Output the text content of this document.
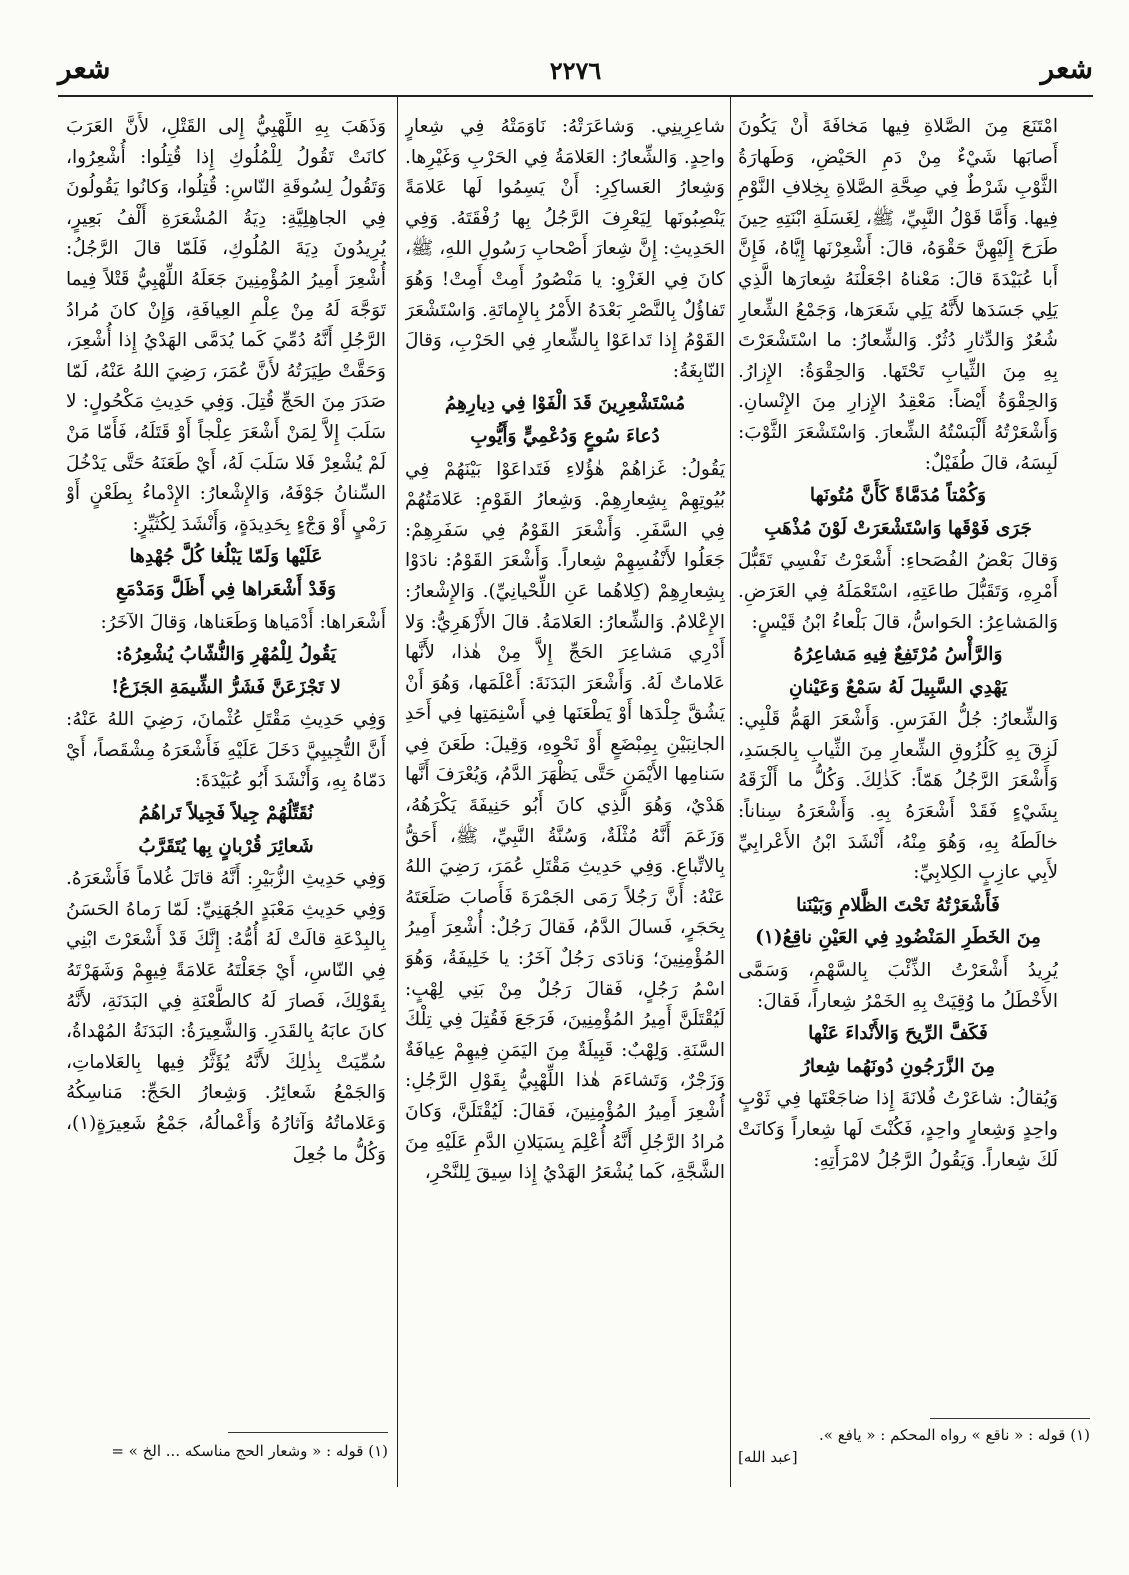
شعر
٢٢٧٦
شعر

امْتَنَعَ مِنَ الصَّلاةِ فِيها مَخافَةَ أَنْ يَكُونَ أَصابَها شَيْءٌ مِنْ دَمِ الحَيْضِ، وَطَهارَةُ الثَّوْبِ شَرْطٌ فِي صِحَّةِ الصَّلاةِ بِخِلافِ النَّوْمِ فِيها. وَأَمَّا قَوْلُ النَّبِيِّ، ﷺ، لِغَسَلَةِ ابْنَتِهِ حِينَ طَرَحَ إِلَيْهِنَّ حَقْوَهُ، قالَ: أَشْعِرْنَها إِيَّاهُ، فَإِنَّ أَبا عُبَيْدَةَ قالَ: مَعْناهُ اجْعَلْنَهُ شِعارَها الَّذِي يَلِي جَسَدَها لأَنَّهُ يَلِي شَعَرَها، وَجَمْعُ الشِّعارِ شُعُرٌ وَالدِّثارِ دُثُرٌ. وَالشِّعارُ: ما اسْتَشْعَرْتَ بِهِ مِنَ الثِّيابِ تَحْتَها. وَالحِقْوَةُ: الإِزارُ. وَالحِقْوَةُ أَيْضاً: مَعْقِدُ الإِزارِ مِنَ الإِنْسانِ. وَأَشْعَرْتُهُ أَلْبَسْتُهُ الشِّعارَ. وَاسْتَشْعَرَ الثَّوْبَ: لَبِسَهُ، قالَ طُفَيْلٌ:

وَكُمْتاً مُدَمَّاةً كَأَنَّ مُتُونَها

جَرَى فَوْقَها وَاسْتَشْعَرَتْ لَوْنَ مُذْهَبِ

وَقالَ بَعْضُ الفُصَحاءِ: أَشْعَرْتُ نَفْسِي تَقَبُّلَ أَمْرِهِ، وَتَقَبُّلَ طاعَتِهِ، اسْتَعْمَلَهُ فِي العَرَضِ. وَالمَشاعِرُ: الحَواسُّ، قالَ بَلْعاءُ ابْنُ قَيْسٍ:

وَالرَّأْسُ مُرْتَفِعٌ فِيهِ مَشاعِرُهُ

يَهْدِي السَّبِيلَ لَهُ سَمْعٌ وَعَيْنانِ

وَالشِّعارُ: جُلُّ الفَرَسِ. وَأَشْعَرَ الهَمُّ قَلْبِي: لَزِقَ بِهِ كَلُزُوقِ الشِّعارِ مِنَ الثِّيابِ بِالجَسَدِ، وَأَشْعَرَ الرَّجُلُ هَمّاً: كَذٰلِكَ. وَكُلُّ ما أَلْزَقَهُ بِشَيْءٍ فَقَدْ أَشْعَرَهُ بِهِ. وَأَشْعَرَهُ سِناناً: خالَطَهُ بِهِ، وَهُوَ مِنْهُ، أَنْشَدَ ابْنُ الأَعْرابِيِّ لأَبِي عازِبٍ الكِلابِيِّ:

فَأَشْعَرْتُهُ تَحْتَ الظَّلامِ وَبَيْنَنا

مِنَ الخَطَرِ المَنْضُودِ فِي العَيْنِ ناقِعُ(١)

يُرِيدُ أَشْعَرْتُ الذِّئْبَ بِالسَّهْمِ، وَسَمَّى الأَخْطَلُ ما وُقِيَتْ بِهِ الخَمْرُ شِعاراً، فَقالَ:

فَكَفَّ الرِّيحَ وَالأَنْداءَ عَنْها

مِنَ الزَّرَجُونِ دُونَهُما شِعارُ

وَيُقالُ: شاعَرْتُ فُلانَةَ إِذا ضاجَعْتَها فِي ثَوْبٍ واحِدٍ وَشِعارٍ واحِدٍ، فَكُنْتَ لَها شِعاراً وَكانَتْ لَكَ شِعاراً. وَيَقُولُ الرَّجُلُ لامْرَأَتِهِ:

(١) قوله : « ناقع » رواه المحكم : « يافع ».
[عبد الله]

شاعِرِينِي. وَشاعَرَتْهُ: نَاوَمَتْهُ فِي شِعارٍ واحِدٍ. وَالشِّعارُ: العَلامَةُ فِي الحَرْبِ وَغَيْرِها. وَشِعارُ العَساكِرِ: أَنْ يَسِمُوا لَها عَلامَةً يَنْصِبُونَها لِيَعْرِفَ الرَّجُلُ بِها رُفْقَتَهُ. وَفِي الحَدِيثِ: إِنَّ شِعارَ أَصْحابِ رَسُولِ اللهِ، ﷺ، كانَ فِي الغَزْوِ: يا مَنْصُورُ أَمِتْ أَمِتْ! وَهُوَ تَفاؤُلٌ بِالنَّصْرِ بَعْدَهُ الأَمْرُ بِالإِماتَةِ. وَاسْتَشْعَرَ القَوْمُ إِذا تَداعَوْا بِالشِّعارِ فِي الحَرْبِ، وَقالَ النّابِغَةُ:

مُسْتَشْعِرِينَ قَدَ الْفَوْا فِي دِيارِهِمُ

دُعاءَ سُوعٍ وَدُعْمِيٍّ وَأَيُّوبِ

يَقُولُ: غَزاهُمْ هٰؤُلاءِ فَتَداعَوْا بَيْنَهُمْ فِي بُيُوتِهِمْ بِشِعارِهِمْ. وَشِعارُ القَوْمِ: عَلامَتُهُمْ فِي السَّفَرِ. وَأَشْعَرَ القَوْمُ فِي سَفَرِهِمْ: جَعَلُوا لأَنْفُسِهِمْ شِعاراً. وَأَشْعَرَ القَوْمُ: نادَوْا بِشِعارِهِمْ (كِلاهُما عَنِ اللِّحْيانِيِّ). وَالإِشْعارُ: الإِعْلامُ. وَالشِّعارُ: العَلامَةُ. قالَ الأَزْهَرِيُّ: وَلا أَدْرِي مَشاعِرَ الحَجِّ إِلاَّ مِنْ هٰذا، لأَنَّها عَلاماتٌ لَهُ. وَأَشْعَرَ البَدَنَةَ: أَعْلَمَها، وَهُوَ أَنْ يَشُقَّ جِلْدَها أَوْ يَطْعَنَها فِي أَسْنِمَتِها فِي أَحَدِ الجانِبَيْنِ بِمِبْضَعٍ أَوْ نَحْوِهِ، وَقِيلَ: طَعَنَ فِي سَنامِها الأَيْمَنِ حَتَّى يَظْهَرَ الدَّمُ، وَيُعْرَفَ أَنَّها هَدْيٌ، وَهُوَ الَّذِي كانَ أَبُو حَنِيفَةَ يَكْرَهُهُ، وَزَعَمَ أَنَّهُ مُثْلَةٌ، وَسُنَّةُ النَّبِيِّ، ﷺ، أَحَقُّ بِالاتِّباعِ. وَفِي حَدِيثِ مَقْتَلِ عُمَرَ، رَضِيَ اللهُ عَنْهُ: أَنَّ رَجُلاً رَمَى الجَمْرَةَ فَأَصابَ صَلَعَتَهُ بِحَجَرٍ، فَسالَ الدَّمُ، فَقالَ رَجُلٌ: أُشْعِرَ أَمِيرُ المُؤْمِنِينَ؛ وَنادَى رَجُلٌ آخَرُ: يا خَلِيفَةُ، وَهُوَ اسْمُ رَجُلٍ، فَقالَ رَجُلٌ مِنْ بَنِي لِهْبٍ: لَيُقْتَلَنَّ أَمِيرُ المُؤْمِنِينَ، فَرَجَعَ فَقُتِلَ فِي تِلْكَ السَّنَةِ. وَلِهْبٌ: قَبِيلَةٌ مِنَ اليَمَنِ فِيهِمْ عِيافَةٌ وَزَجْرٌ، وَتَشاءَمَ هٰذا اللِّهْبِيُّ بِقَوْلِ الرَّجُلِ: أُشْعِرَ أَمِيرُ المُؤْمِنِينَ، فَقالَ: لَيُقْتَلَنَّ، وَكانَ مُرادُ الرَّجُلِ أَنَّهُ أُعْلِمَ بِسَيَلانِ الدَّمِ عَلَيْهِ مِنَ الشَّجَّةِ، كَما يُشْعَرُ الهَدْيُ إِذا سِيقَ لِلنَّحْرِ،

وَذَهَبَ بِهِ اللِّهْبِيُّ إِلى القَتْلِ، لأَنَّ العَرَبَ كانَتْ تَقُولُ لِلْمُلُوكِ إِذا قُتِلُوا: أُشْعِرُوا، وَتَقُولُ لِسُوقَةِ النّاسِ: قُتِلُوا، وَكانُوا يَقُولُونَ فِي الجاهِلِيَّةِ: دِيَةُ المُشْعَرَةِ أَلْفُ بَعِيرٍ، يُرِيدُونَ دِيَةَ المُلُوكِ، فَلَمّا قالَ الرَّجُلُ: أُشْعِرَ أَمِيرُ المُؤْمِنِينَ جَعَلَهُ اللِّهْبِيُّ قَتْلاً فِيما تَوَجَّهَ لَهُ مِنْ عِلْمِ العِيافَةِ، وَإِنْ كانَ مُرادُ الرَّجُلِ أَنَّهُ دُمِّيَ كَما يُدَمَّى الهَدْيُ إِذا أُشْعِرَ، وَحَقَّتْ طِيَرَتُهُ لأَنَّ عُمَرَ، رَضِيَ اللهُ عَنْهُ، لَمّا صَدَرَ مِنَ الحَجِّ قُتِلَ. وَفِي حَدِيثِ مَكْحُولٍ: لا سَلَبَ إِلاَّ لِمَنْ أَشْعَرَ عِلْجاً أَوْ قَتَلَهُ، فَأَمّا مَنْ لَمْ يُشْعِرْ فَلا سَلَبَ لَهُ، أَيْ طَعَنَهُ حَتَّى يَدْخُلَ السِّنانُ جَوْفَهُ، وَالإِشْعارُ: الإِدْماءُ بِطَعْنٍ أَوْ رَمْيٍ أَوْ وَجْءٍ بِحَدِيدَةٍ، وَأَنْشَدَ لِكُثَيِّرٍ:

عَلَيْها وَلَمّا يَبْلُغا كُلَّ جُهْدِها

وَقَدْ أَشْعَراها فِي أَظَلَّ وَمَدْمَعِ

أَشْعَراها: أَدْمَياها وَطَعَناها، وَقالَ الآخَرُ:

يَقُولُ لِلْمُهْرِ وَالنُّشّابُ يُشْعِرُهُ:

لا تَجْزَعَنَّ فَشَرُّ الشِّيمَةِ الجَزَعُ!

وَفِي حَدِيثِ مَقْتَلِ عُثْمانَ، رَضِيَ اللهُ عَنْهُ: أَنَّ التُّجِيبِيَّ دَخَلَ عَلَيْهِ فَأَشْعَرَهُ مِشْقَصاً، أَيْ دَمّاهُ بِهِ، وَأَنْشَدَ أَبُو عُبَيْدَةَ:

نُقَتِّلُهُمْ جِيلاً فَجِيلاً تَراهُمُ

شَعائِرَ قُرْبانٍ بِها يُتَقَرَّبُ

وَفِي حَدِيثِ الزُّبَيْرِ: أَنَّهُ قاتَلَ غُلاماً فَأَشْعَرَهُ. وَفِي حَدِيثِ مَعْبَدٍ الجُهَنِيِّ: لَمّا رَماهُ الحَسَنُ بِالبِدْعَةِ قالَتْ لَهُ أُمُّهُ: إِنَّكَ قَدْ أَشْعَرْتَ ابْنِي فِي النّاسِ، أَيْ جَعَلْتَهُ عَلامَةً فِيهِمْ وَشَهَرْتَهُ بِقَوْلِكَ، فَصارَ لَهُ كالطَّعْنَةِ فِي البَدَنَةِ، لأَنَّهُ كانَ عابَهُ بِالقَدَرِ. وَالشَّعِيرَةُ: البَدَنَةُ المُهْداةُ، سُمِّيَتْ بِذٰلِكَ لأَنَّهُ يُؤَثَّرُ فِيها بِالعَلاماتِ، وَالجَمْعُ شَعائِرُ. وَشِعارُ الحَجِّ: مَناسِكُهُ وَعَلاماتُهُ وَآثارُهُ وَأَعْمالُهُ، جَمْعُ شَعِيرَةٍ(١)، وَكُلُّ ما جُعِلَ

(١) قوله : « وشعار الحج مناسكه ... الخ » =
